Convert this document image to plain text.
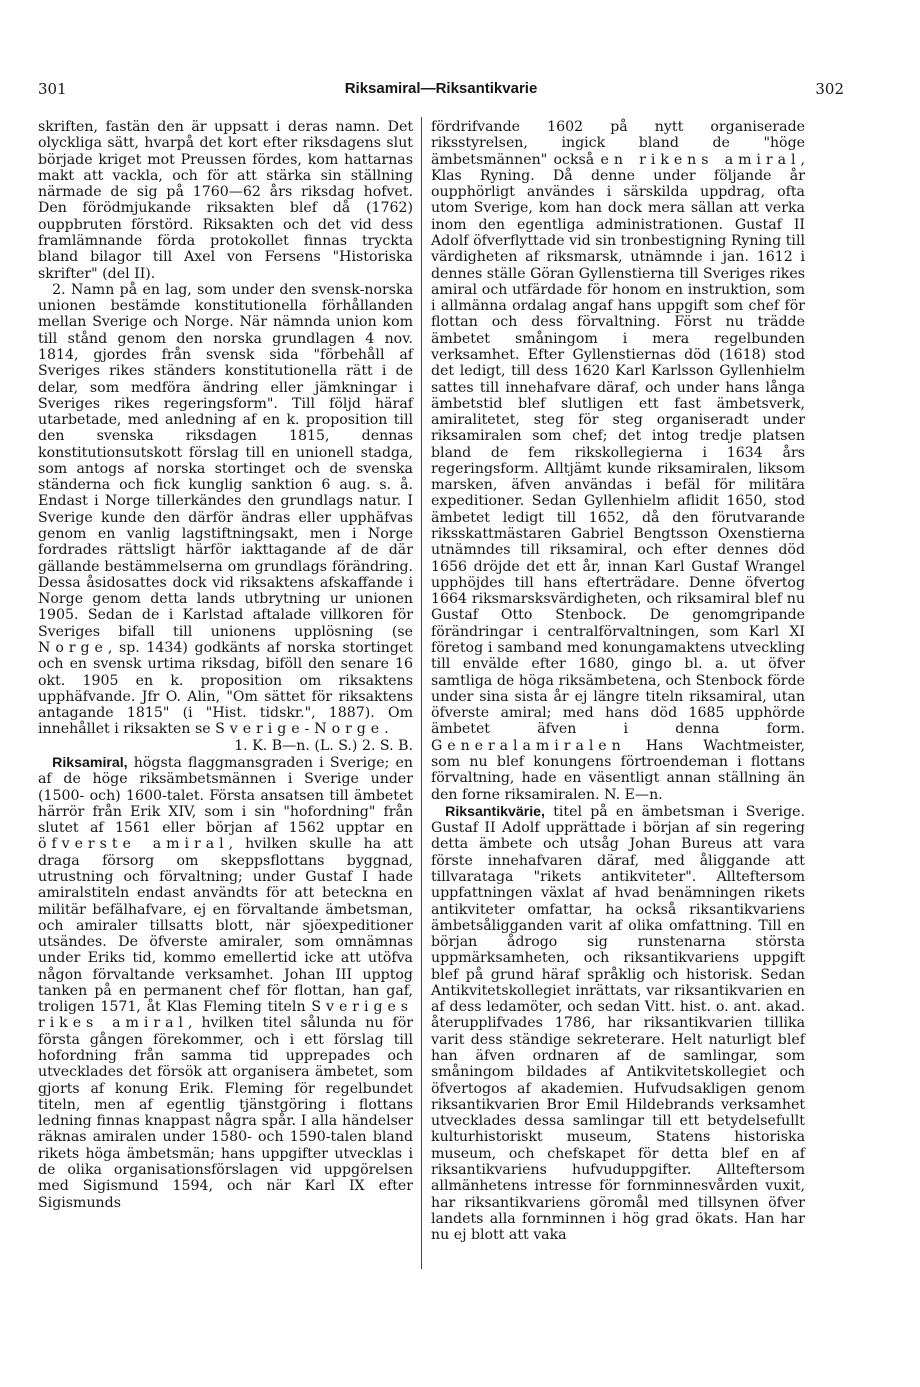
301	Riksamiral—Riksantikvarie	302

skriften, fastän den är uppsatt i deras namn. Det olyckliga sätt, hvarpå det kort efter riksdagens slut började kriget mot Preussen fördes, kom hattarnas makt att vackla, och för att stärka sin ställning närmade de sig på 1760—62 års riksdag hofvet. Den förödmjukande riksakten blef då (1762) ouppbruten förstörd. Riksakten och det vid dess framlämnande förda protokollet finnas tryckta bland bilagor till Axel von Fersens "Historiska skrifter" (del II).

2. Namn på en lag, som under den svensk-norska unionen bestämde konstitutionella förhållanden mellan Sverige och Norge. När nämnda union kom till stånd genom den norska grundlagen 4 nov. 1814, gjordes från svensk sida "förbehåll af Sveriges rikes ständers konstitutionella rätt i de delar, som medföra ändring eller jämkningar i Sveriges rikes regeringsform". Till följd häraf utarbetade, med anledning af en k. proposition till den svenska riksdagen 1815, dennas konstitutionsutskott förslag till en unionell stadga, som antogs af norska stortinget och de svenska ständerna och fick kunglig sanktion 6 aug. s. å. Endast i Norge tillerkändes den grundlags natur. I Sverige kunde den därför ändras eller upphäfvas genom en vanlig lagstiftningsakt, men i Norge fordrades rättsligt härför iakttagande af de där gällande bestämmelserna om grundlags förändring. Dessa åsidosattes dock vid riksaktens afskaffande i Norge genom detta lands utbrytning ur unionen 1905. Sedan de i Karlstad aftalade villkoren för Sveriges bifall till unionens upplösning (se Norge, sp. 1434) godkänts af norska stortinget och en svensk urtima riksdag, biföll den senare 16 okt. 1905 en k. proposition om riksaktens upphäfvande. Jfr O. Alin, "Om sättet för riksaktens antagande 1815" (i "Hist. tidskr.", 1887). Om innehållet i riksakten se Sverige-Norge.
1. K. B—n. (L. S.) 2. S. B.

Riksamiral, högsta flaggmansgraden i Sverige; en af de höge riksämbetsmännen i Sverige under (1500- och) 1600-talet. Första ansatsen till ämbetet härrör från Erik XIV, som i sin "hofordning" från slutet af 1561 eller början af 1562 upptar en öfverste amiral, hvilken skulle ha att draga försorg om skeppsflottans byggnad, utrustning och förvaltning; under Gustaf I hade amiralstiteln endast användts för att beteckna en militär befälhafvare, ej en förvaltande ämbetsman, och amiraler tillsatts blott, när sjöexpeditioner utsändes. De öfverste amiraler, som omnämnas under Eriks tid, kommo emellertid icke att utöfva någon förvaltande verksamhet. Johan III upptog tanken på en permanent chef för flottan, han gaf, troligen 1571, åt Klas Fleming titeln Sveriges rikes amiral, hvilken titel sålunda nu för första gången förekommer, och i ett förslag till hofordning från samma tid upprepades och utvecklades det försök att organisera ämbetet, som gjorts af konung Erik. Fleming för regelbundet titeln, men af egentlig tjänstgöring i flottans ledning finnas knappast några spår. I alla händelser räknas amiralen under 1580- och 1590-talen bland rikets höga ämbetsmän; hans uppgifter utvecklas i de olika organisationsförslagen vid uppgörelsen med Sigismund 1594, och när Karl IX efter Sigismunds

fördrifvande 1602 på nytt organiserade riksstyrelsen, ingick bland de "höge ämbetsmännen" också en rikens amiral, Klas Ryning. Då denne under följande år oupphörligt användes i särskilda uppdrag, ofta utom Sverige, kom han dock mera sällan att verka inom den egentliga administrationen. Gustaf II Adolf öfverflyttade vid sin tronbestigning Ryning till värdigheten af riksmarsk, utnämnde i jan. 1612 i dennes ställe Göran Gyllenstierna till Sveriges rikes amiral och utfärdade för honom en instruktion, som i allmänna ordalag angaf hans uppgift som chef för flottan och dess förvaltning. Först nu trädde ämbetet småningom i mera regelbunden verksamhet. Efter Gyllenstiernas död (1618) stod det ledigt, till dess 1620 Karl Karlsson Gyllenhielm sattes till innehafvare däraf, och under hans långa ämbetstid blef slutligen ett fast ämbetsverk, amiralitetet, steg för steg organiseradt under riksamiralen som chef; det intog tredje platsen bland de fem rikskollegierna i 1634 års regeringsform. Alltjämt kunde riksamiralen, liksom marsken, äfven användas i befäl för militära expeditioner. Sedan Gyllenhielm aflidit 1650, stod ämbetet ledigt till 1652, då den förutvarande riksskattmästaren Gabriel Bengtsson Oxenstierna utnämndes till riksamiral, och efter dennes död 1656 dröjde det ett år, innan Karl Gustaf Wrangel upphöjdes till hans efterträdare. Denne öfvertog 1664 riksmarsksvärdigheten, och riksamiral blef nu Gustaf Otto Stenbock. De genomgripande förändringar i centralförvaltningen, som Karl XI företog i samband med konungamaktens utveckling till envälde efter 1680, gingo bl. a. ut öfver samtliga de höga riksämbetena, och Stenbock förde under sina sista år ej längre titeln riksamiral, utan öfverste amiral; med hans död 1685 upphörde ämbetet äfven i denna form. Generalamiralen Hans Wachtmeister, som nu blef konungens förtroendeman i flottans förvaltning, hade en väsentligt annan ställning än den forne riksamiralen. N. E—n.

Riksantikvärie, titel på en ämbetsman i Sverige. Gustaf II Adolf upprättade i början af sin regering detta ämbete och utsåg Johan Bureus att vara förste innehafvaren däraf, med åliggande att tillvarataga "rikets antikviteter". Allteftersom uppfattningen växlat af hvad benämningen rikets antikviteter omfattar, ha också riksantikvariens ämbetsåligganden varit af olika omfattning. Till en början ådrogo sig runstenarna största uppmärksamheten, och riksantikvariens uppgift blef på grund häraf språklig och historisk. Sedan Antikvitetskollegiet inrättats, var riksantikvarien en af dess ledamöter, och sedan Vitt. hist. o. ant. akad. återupplifvades 1786, har riksantikvarien tillika varit dess ständige sekreterare. Helt naturligt blef han äfven ordnaren af de samlingar, som småningom bildades af Antikvitetskollegiet och öfvertogos af akademien. Hufvudsakligen genom riksantikvarien Bror Emil Hildebrands verksamhet utvecklades dessa samlingar till ett betydelsefullt kulturhistoriskt museum, Statens historiska museum, och chefskapet för detta blef en af riksantikvariens hufvuduppgifter. Allteftersom allmänhetens intresse för fornminnesvården vuxit, har riksantikvariens göromål med tillsynen öfver landets alla fornminnen i hög grad ökats. Han har nu ej blott att vaka
